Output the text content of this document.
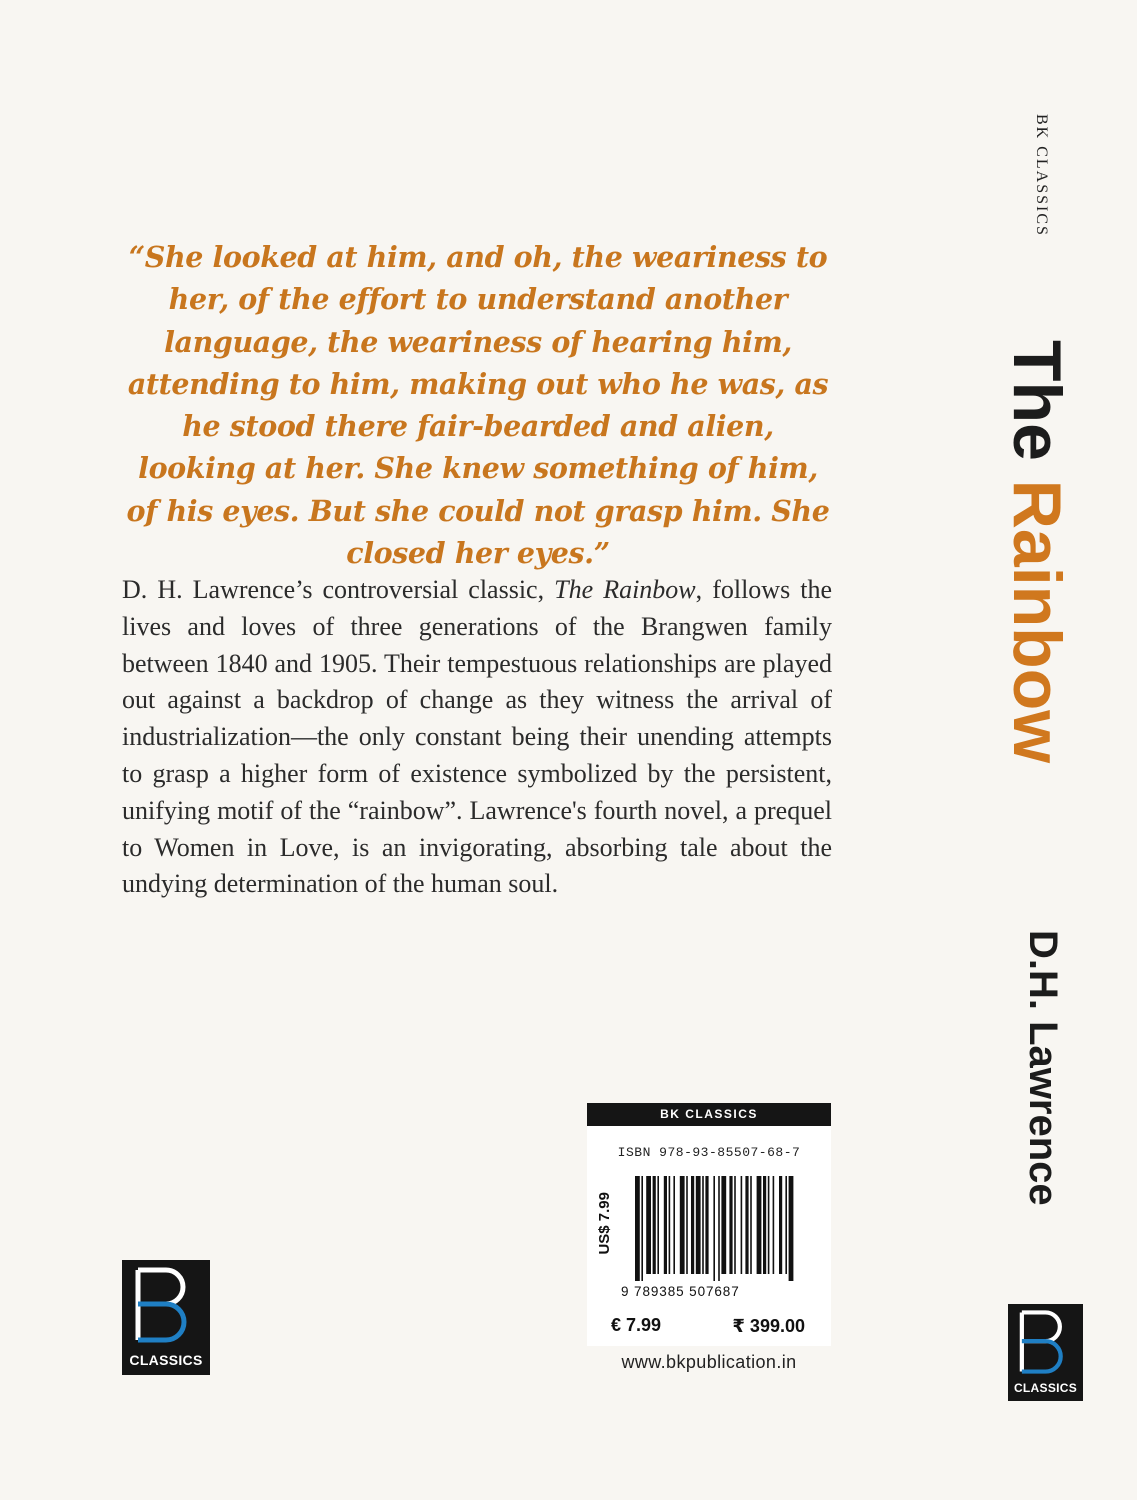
“She looked at him, and oh, the weariness to her, of the effort to understand another language, the weariness of hearing him, attending to him, making out who he was, as he stood there fair-bearded and alien, looking at her. She knew something of him, of his eyes. But she could not grasp him. She closed her eyes.”
D. H. Lawrence’s controversial classic, The Rainbow, follows the lives and loves of three generations of the Brangwen family between 1840 and 1905. Their tempestuous relationships are played out against a backdrop of change as they witness the arrival of industrialization—the only constant being their unending attempts to grasp a higher form of existence symbolized by the persistent, unifying motif of the “rainbow”. Lawrence's fourth novel, a prequel to Women in Love, is an invigorating, absorbing tale about the undying determination of the human soul.
BK CLASSICS
The Rainbow
D.H. Lawrence
CLASSICS
CLASSICS
BK CLASSICS
ISBN 978-93-85507-68-7
9 789385 507687
€ 7.99	₹ 399.00
US$ 7.99
www.bkpublication.in
